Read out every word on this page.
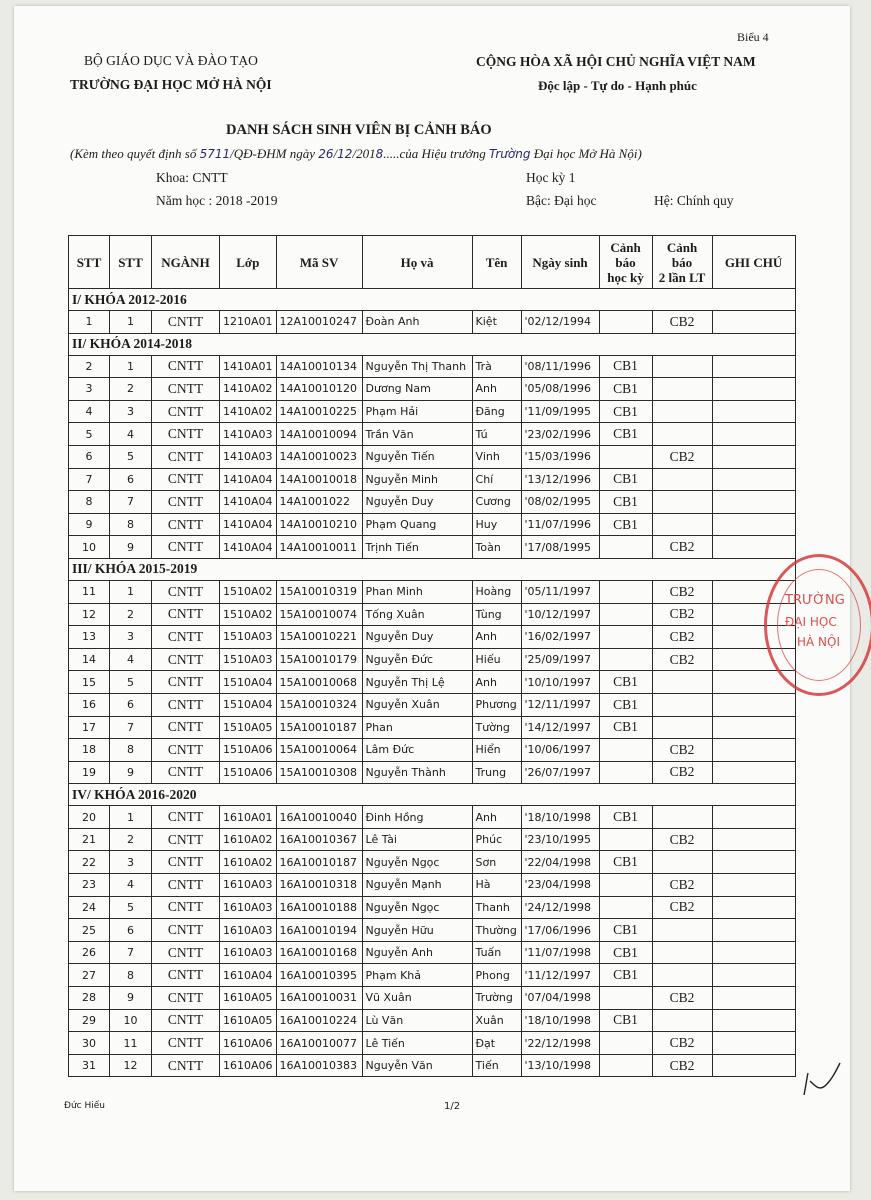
Biểu 4
BỘ GIÁO DỤC VÀ ĐÀO TẠO
TRƯỜNG ĐẠI HỌC MỞ HÀ NỘI
CỘNG HÒA XÃ HỘI CHỦ NGHĨA VIỆT NAM
Độc lập - Tự do - Hạnh phúc
DANH SÁCH SINH VIÊN BỊ CẢNH BÁO
(Kèm theo quyết định số 5711/QĐ-ĐHM ngày 26/12/2018.....của Hiệu trưởng Trường Đại học Mở Hà Nội)
Khoa: CNTT	Học kỳ 1
Năm học : 2018 -2019	Bậc: Đại học	Hệ: Chính quy
STT	STT	NGÀNH	Lớp	Mã SV	Họ và	Tên	Ngày sinh	Cảnh
báo
học kỳ	Cảnh
báo
2 lần LT	GHI CHÚ
I/ KHÓA 2012-2016										
1	1	CNTT	1210A01	12A10010247	Đoàn Anh	Kiệt	'02/12/1994		CB2	
II/ KHÓA 2014-2018										
2	1	CNTT	1410A01	14A10010134	Nguyễn Thị Thanh	Trà	'08/11/1996	CB1		
3	2	CNTT	1410A02	14A10010120	Dương Nam	Anh	'05/08/1996	CB1		
4	3	CNTT	1410A02	14A10010225	Phạm Hải	Đăng	'11/09/1995	CB1		
5	4	CNTT	1410A03	14A10010094	Trần Văn	Tú	'23/02/1996	CB1		
6	5	CNTT	1410A03	14A10010023	Nguyễn Tiến	Vinh	'15/03/1996		CB2	
7	6	CNTT	1410A04	14A10010018	Nguyễn Minh	Chí	'13/12/1996	CB1		
8	7	CNTT	1410A04	14A1001022	Nguyễn Duy	Cương	'08/02/1995	CB1		
9	8	CNTT	1410A04	14A10010210	Phạm Quang	Huy	'11/07/1996	CB1		
10	9	CNTT	1410A04	14A10010011	Trịnh Tiến	Toàn	'17/08/1995		CB2	
III/ KHÓA 2015-2019										
11	1	CNTT	1510A02	15A10010319	Phan Minh	Hoàng	'05/11/1997		CB2	
12	2	CNTT	1510A02	15A10010074	Tống Xuân	Tùng	'10/12/1997		CB2	
13	3	CNTT	1510A03	15A10010221	Nguyễn Duy	Anh	'16/02/1997		CB2	
14	4	CNTT	1510A03	15A10010179	Nguyễn Đức	Hiếu	'25/09/1997		CB2	
15	5	CNTT	1510A04	15A10010068	Nguyễn Thị Lệ	Anh	'10/10/1997	CB1		
16	6	CNTT	1510A04	15A10010324	Nguyễn Xuân	Phương	'12/11/1997	CB1		
17	7	CNTT	1510A05	15A10010187	Phan	Tường	'14/12/1997	CB1		
18	8	CNTT	1510A06	15A10010064	Lâm Đức	Hiển	'10/06/1997		CB2	
19	9	CNTT	1510A06	15A10010308	Nguyễn Thành	Trung	'26/07/1997		CB2	
IV/ KHÓA 2016-2020										
20	1	CNTT	1610A01	16A10010040	Đinh Hồng	Anh	'18/10/1998	CB1		
21	2	CNTT	1610A02	16A10010367	Lê Tài	Phúc	'23/10/1995		CB2	
22	3	CNTT	1610A02	16A10010187	Nguyễn Ngọc	Sơn	'22/04/1998	CB1		
23	4	CNTT	1610A03	16A10010318	Nguyễn Mạnh	Hà	'23/04/1998		CB2	
24	5	CNTT	1610A03	16A10010188	Nguyễn Ngọc	Thanh	'24/12/1998		CB2	
25	6	CNTT	1610A03	16A10010194	Nguyễn Hữu	Thường	'17/06/1996	CB1		
26	7	CNTT	1610A03	16A10010168	Nguyễn Anh	Tuấn	'11/07/1998	CB1		
27	8	CNTT	1610A04	16A10010395	Phạm Khả	Phong	'11/12/1997	CB1		
28	9	CNTT	1610A05	16A10010031	Vũ Xuân	Trường	'07/04/1998		CB2	
29	10	CNTT	1610A05	16A10010224	Lù Văn	Xuân	'18/10/1998	CB1		
30	11	CNTT	1610A06	16A10010077	Lê Tiến	Đạt	'22/12/1998		CB2	
31	12	CNTT	1610A06	16A10010383	Nguyễn Văn	Tiến	'13/10/1998		CB2	
TRƯỜNG
ĐẠI HỌC
HÀ NỘI
Đức Hiếu	1/2
